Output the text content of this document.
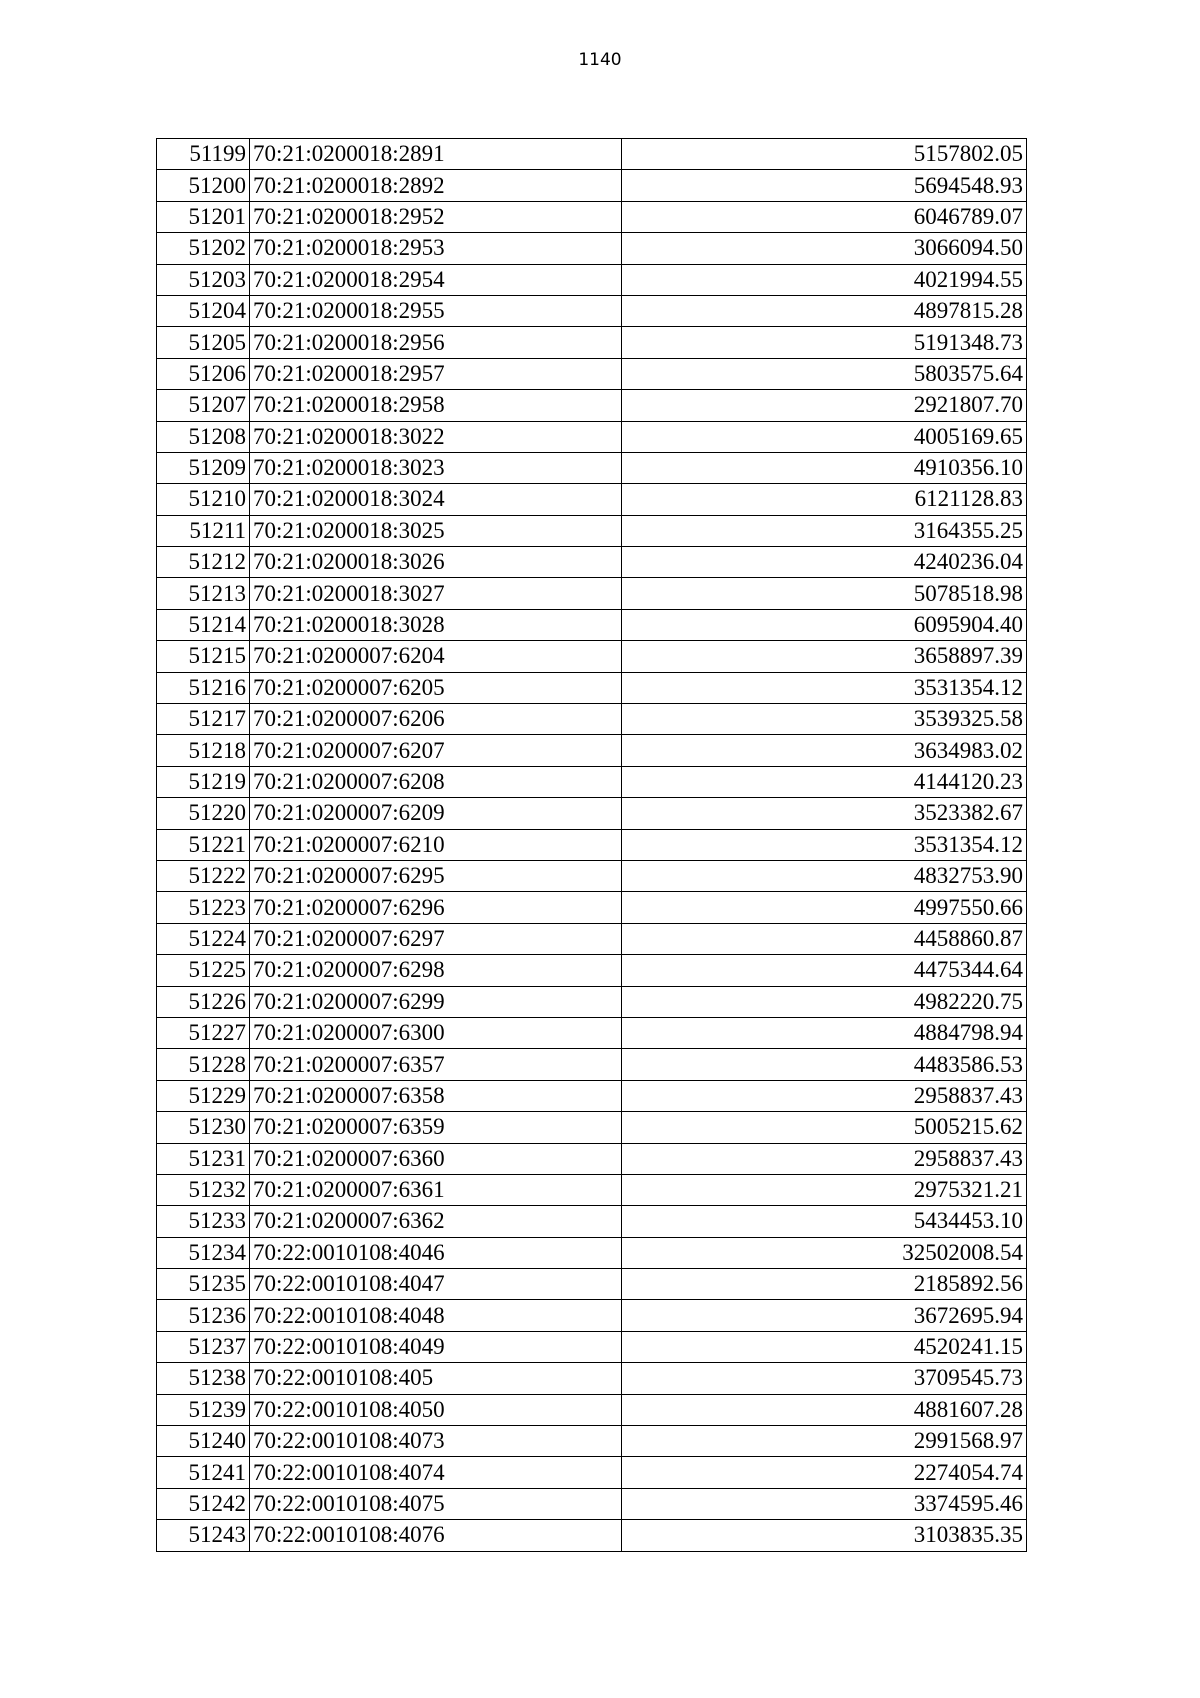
1140
51199	70:21:0200018:2891	5157802.05
51200	70:21:0200018:2892	5694548.93
51201	70:21:0200018:2952	6046789.07
51202	70:21:0200018:2953	3066094.50
51203	70:21:0200018:2954	4021994.55
51204	70:21:0200018:2955	4897815.28
51205	70:21:0200018:2956	5191348.73
51206	70:21:0200018:2957	5803575.64
51207	70:21:0200018:2958	2921807.70
51208	70:21:0200018:3022	4005169.65
51209	70:21:0200018:3023	4910356.10
51210	70:21:0200018:3024	6121128.83
51211	70:21:0200018:3025	3164355.25
51212	70:21:0200018:3026	4240236.04
51213	70:21:0200018:3027	5078518.98
51214	70:21:0200018:3028	6095904.40
51215	70:21:0200007:6204	3658897.39
51216	70:21:0200007:6205	3531354.12
51217	70:21:0200007:6206	3539325.58
51218	70:21:0200007:6207	3634983.02
51219	70:21:0200007:6208	4144120.23
51220	70:21:0200007:6209	3523382.67
51221	70:21:0200007:6210	3531354.12
51222	70:21:0200007:6295	4832753.90
51223	70:21:0200007:6296	4997550.66
51224	70:21:0200007:6297	4458860.87
51225	70:21:0200007:6298	4475344.64
51226	70:21:0200007:6299	4982220.75
51227	70:21:0200007:6300	4884798.94
51228	70:21:0200007:6357	4483586.53
51229	70:21:0200007:6358	2958837.43
51230	70:21:0200007:6359	5005215.62
51231	70:21:0200007:6360	2958837.43
51232	70:21:0200007:6361	2975321.21
51233	70:21:0200007:6362	5434453.10
51234	70:22:0010108:4046	32502008.54
51235	70:22:0010108:4047	2185892.56
51236	70:22:0010108:4048	3672695.94
51237	70:22:0010108:4049	4520241.15
51238	70:22:0010108:405	3709545.73
51239	70:22:0010108:4050	4881607.28
51240	70:22:0010108:4073	2991568.97
51241	70:22:0010108:4074	2274054.74
51242	70:22:0010108:4075	3374595.46
51243	70:22:0010108:4076	3103835.35
